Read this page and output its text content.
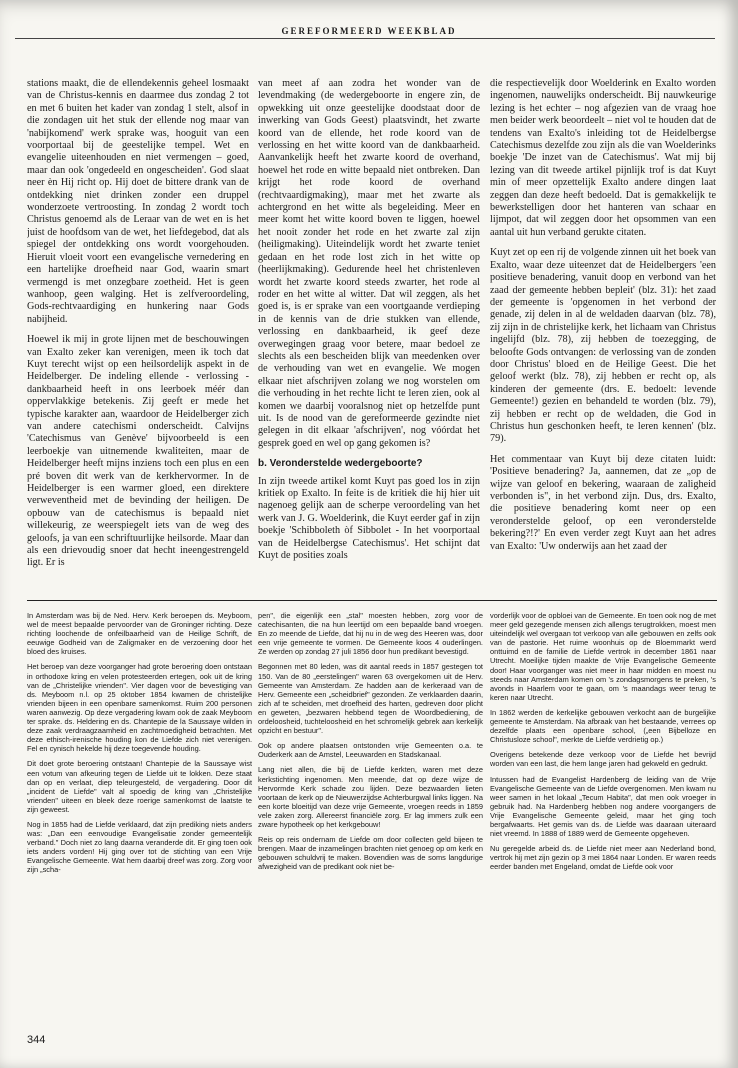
GEREFORMEERD WEEKBLAD

stations maakt, die de ellendekennis geheel losmaakt van de Christus-kennis en daarmee dus zondag 2 tot en met 6 buiten het kader van zondag 1 stelt, alsof in die zondagen uit het stuk der ellende nog maar van 'nabijkomend' werk sprake was, hooguit van een voorportaal bij de geestelijke tempel. Wet en evangelie uiteenhouden en niet vermengen – goed, maar dan ook 'ongedeeld en ongescheiden'. God slaat neer èn Hij richt op. Hij doet de bittere drank van de ontdekking niet drinken zonder een druppel wonderzoete vertroosting. In zondag 2 wordt toch Christus genoemd als de Leraar van de wet en is het juist de hoofdsom van de wet, het liefdegebod, dat als spiegel der ontdekking ons wordt voorgehouden. Hieruit vloeit voort een evangelische vernedering en een hartelijke droefheid naar God, waarin smart vermengd is met onzegbare zoetheid. Het is geen wanhoop, geen walging. Het is zelfveroordeling, Gods-rechtvaardiging en hunkering naar Gods nabijheid.

Hoewel ik mij in grote lijnen met de beschouwingen van Exalto zeker kan verenigen, meen ik toch dat Kuyt terecht wijst op een heilsordelijk aspekt in de Heidelberger. De indeling ellende - verlossing - dankbaarheid heeft in ons leerboek méér dan oppervlakkige betekenis. Zij geeft er mede het typische karakter aan, waardoor de Heidelberger zich van andere catechismi onderscheidt. Calvijns 'Catechismus van Genève' bijvoorbeeld is een leerboekje van uitnemende kwaliteiten, maar de Heidelberger heeft mijns inziens toch een plus en een pré boven dit werk van de kerkhervormer. In de Heidelberger is een warmer gloed, een direktere verweventheid met de bevinding der heiligen. De opbouw van de catechismus is bepaald niet willekeurig, ze weerspiegelt iets van de weg des geloofs, ja van een schriftuurlijke heilsorde. Maar dan als een drievoudig snoer dat hecht ineengestrengeld ligt. Er is

van meet af aan zodra het wonder van de levendmaking (de wedergeboorte in engere zin, de opwekking uit onze geestelijke doodstaat door de inwerking van Gods Geest) plaatsvindt, het zwarte koord van de ellende, het rode koord van de verlossing en het witte koord van de dankbaarheid. Aanvankelijk heeft het zwarte koord de overhand, hoewel het rode en witte bepaald niet ontbreken. Dan krijgt het rode koord de overhand (rechtvaardigmaking), maar met het zwarte als achtergrond en het witte als begeleiding. Meer en meer komt het witte koord boven te liggen, hoewel het nooit zonder het rode en het zwarte zal zijn (heiligmaking). Uiteindelijk wordt het zwarte teniet gedaan en het rode lost zich in het witte op (heerlijkmaking). Gedurende heel het christenleven wordt het zwarte koord steeds zwarter, het rode al roder en het witte al witter. Dat wil zeggen, als het goed is, is er sprake van een voortgaande verdieping in de kennis van de drie stukken van ellende, verlossing en dankbaarheid, ik geef deze overwegingen graag voor betere, maar bedoel ze slechts als een bescheiden blijk van meedenken over de verhouding van wet en evangelie. We mogen elkaar niet afschrijven zolang we nog worstelen om die verhouding in het rechte licht te leren zien, ook al komen we daarbij vooralsnog niet op hetzelfde punt uit. Is de nood van de gereformeerde gezindte niet gelegen in dit elkaar 'afschrijven', nog vóórdat het gesprek goed en wel op gang gekomen is?

b. Veronderstelde wedergeboorte?

In zijn tweede artikel komt Kuyt pas goed los in zijn kritiek op Exalto. In feite is de kritiek die hij hier uit nagenoeg gelijk aan de scherpe veroordeling van het werk van J. G. Woelderink, die Kuyt eerder gaf in zijn boekje 'Schibboleth òf Sibbolet - In het voorportaal van de Heidelbergse Catechismus'. Het schijnt dat Kuyt de posities zoals

die respectievelijk door Woelderink en Exalto worden ingenomen, nauwelijks onderscheidt. Bij nauwkeurige lezing is het echter – nog afgezien van de vraag hoe men beider werk beoordeelt – niet vol te houden dat de tendens van Exalto's inleiding tot de Heidelbergse Catechismus dezelfde zou zijn als die van Woelderinks boekje 'De inzet van de Catechismus'. Wat mij bij lezing van dit tweede artikel pijnlijk trof is dat Kuyt min of meer opzettelijk Exalto andere dingen laat zeggen dan deze heeft bedoeld. Dat is gemakkelijk te bewerkstelligen door het hanteren van schaar en lijmpot, dat wil zeggen door het opsommen van een aantal uit hun verband gerukte citaten.

Kuyt zet op een rij de volgende zinnen uit het boek van Exalto, waar deze uiteenzet dat de Heidelbergers 'een positieve benadering, vanuit doop en verbond van het zaad der gemeente hebben bepleit' (blz. 31): het zaad der gemeente is 'opgenomen in het verbond der genade, zij delen in al de weldaden daarvan (blz. 78), zij zijn in de christelijke kerk, het lichaam van Christus ingelijfd (blz. 78), zij hebben de toezegging, de beloofte Gods ontvangen: de verlossing van de zonden door Christus' bloed en de Heilige Geest. Die het geloof werkt (blz. 78), zij hebben er recht op, als kinderen der gemeente (drs. E. bedoelt: levende Gemeente!) gezien en behandeld te worden (blz. 79), zij hebben er recht op de weldaden, die God in Christus hun geschonken heeft, te leren kennen' (blz. 79).

Het commentaar van Kuyt bij deze citaten luidt: 'Positieve benadering? Ja, aannemen, dat ze „op de wijze van geloof en bekering, waaraan de zaligheid verbonden is", in het verbond zijn. Dus, drs. Exalto, die positieve benadering komt neer op een veronderstelde geloof, op een veronderstelde bekering?!?' En even verder zegt Kuyt aan het adres van Exalto: 'Uw onderwijs aan het zaad der

In Amsterdam was bij de Ned. Herv. Kerk beroepen ds. Meyboom, wel de meest bepaalde pervoorder van de Groninger richting. Deze richting loochende de onfeilbaarheid van de Heilige Schrift, de eeuwige Godheid van de Zaligmaker en de verzoening door het bloed des kruises.

Het beroep van deze voorganger had grote beroering doen ontstaan in orthodoxe kring en velen protesteerden ertegen, ook uit de kring van de „Christelijke vrienden". Vier dagen voor de bevestiging van ds. Meyboom n.l. op 25 oktober 1854 kwamen de christelijke vrienden bijeen in een openbare samenkomst. Ruim 200 personen waren aanwezig. Op deze vergadering kwam ook de zaak Meyboom ter sprake. ds. Heldering en ds. Chantepie de la Saussaye wilden in deze zaak verdraagzaamheid en zachtmoedigheid betrachten. Met deze ethisch-irenische houding kon de Liefde zich niet verenigen. Fel en cynisch hekelde hij deze toegevende houding.

Dit doet grote beroering ontstaan! Chantepie de la Saussaye wist een votum van afkeuring tegen de Liefde uit te lokken. Deze staat dan op en verlaat, diep teleurgesteld, de vergadering. Door dit „incident de Liefde" valt al spoedig de kring van „Christelijke vrienden" uiteen en bleek deze roerige samenkomst de laatste te zijn geweest.

Nog in 1855 had de Liefde verklaard, dat zijn prediking niets anders was: „Dan een eenvoudige Evangelisatie zonder gemeentelijk verband." Doch niet zo lang daarna veranderde dit. Er ging toen ook iets anders vorden! Hij ging over tot de stichting van een Vrije Evangelische Gemeente. Wat hem daarbij dreef was zorg. Zorg voor zijn „scha-

pen", die eigenlijk een „stal" moesten hebben, zorg voor de catechisanten, die na hun leertijd om een bepaalde band vroegen. En zo meende de Liefde, dat hij nu in de weg des Heeren was, door een vrije gemeente te vormen. De Gemeente koos 4 ouderlingen. Ze werden op zondag 27 juli 1856 door hun predikant bevestigd.

Begonnen met 80 leden, was dit aantal reeds in 1857 gestegen tot 150. Van de 80 „eerstelingen" waren 63 overgekomen uit de Herv. Gemeente van Amsterdam. Ze hadden aan de kerkeraad van de Herv. Gemeente een „scheidbrief" gezonden. Ze verklaarden daarin, zich af te scheiden, met droefheid des harten, gedreven door plicht en geweten, „bezwaren hebbend tegen de Woordbediening, de ordeloosheid, tuchteloosheid en het schromelijk gebrek aan kerkelijk opzicht en bestuur".

Ook op andere plaatsen ontstonden vrije Gemeenten o.a. te Ouderkerk aan de Amstel, Leeuwarden en Stadskanaal.

Lang niet allen, die bij de Liefde kerkten, waren met deze kerkstichting ingenomen. Men meende, dat op deze wijze de Hervormde Kerk schade zou lijden. Deze bezwaarden lieten voortaan de kerk op de Nieuwerzijdse Achterburgwal links liggen. Na een korte bloeitijd van deze vrije Gemeente, vroegen reeds in 1859 vele zaken zorg. Allereerst financiële zorg. Er lag immers zulk een zware hypotheek op het kerkgebouw!

Reis op reis ondernam de Liefde om door collecten geld bijeen te brengen. Maar de inzamelingen brachten niet genoeg op om kerk en gebouwen schuldvrij te maken. Bovendien was de soms langdurige afwezigheid van de predikant ook niet be-

vorderlijk voor de opbloei van de Gemeente. En toen ook nog de met meer geld gezegende mensen zich allengs terugtrokken, moest men uiteindelijk wel overgaan tot verkoop van alle gebouwen en zelfs ook van de pastorie. Het ruime woonhuis op de Bloemmarkt werd onttuimd en de familie de Liefde vertrok in december 1861 naar Utrecht. Moeilijke tijden maakte de Vrije Evangelische Gemeente door! Haar voorganger was niet meer in haar midden en moest nu steeds naar Amsterdam komen om 's zondagsmorgens te preken, 's avonds in Haarlem voor te gaan, om 's maandags weer terug te keren naar Utrecht.

In 1862 werden de kerkelijke gebouwen verkocht aan de burgelijke gemeente te Amsterdam. Na afbraak van het bestaande, verrees op dezelfde plaats een openbare school, („een Bijbelloze en Christusloze school", merkte de Liefde verdrietig op.)

Overigens betekende deze verkoop voor de Liefde het bevrijd worden van een last, die hem lange jaren had gekweld en gedrukt.

Intussen had de Evangelist Hardenberg de leiding van de Vrije Evangelische Gemeente van de Liefde overgenomen. Men kwam nu weer samen in het lokaal „Tecum Habita", dat men ook vroeger in gebruik had. Na Hardenberg hebben nog andere voorgangers de Vrije Evangelische Gemeente geleid, maar het ging toch bergafwaarts. Het gemis van ds. de Liefde was daaraan uiteraard niet vreemd. In 1888 of 1889 werd de Gemeente opgeheven.

Nu geregelde arbeid ds. de Liefde niet meer aan Nederland bond, vertrok hij met zijn gezin op 3 mei 1864 naar Londen. Er waren reeds eerder banden met Engeland, omdat de Liefde ook voor

344
